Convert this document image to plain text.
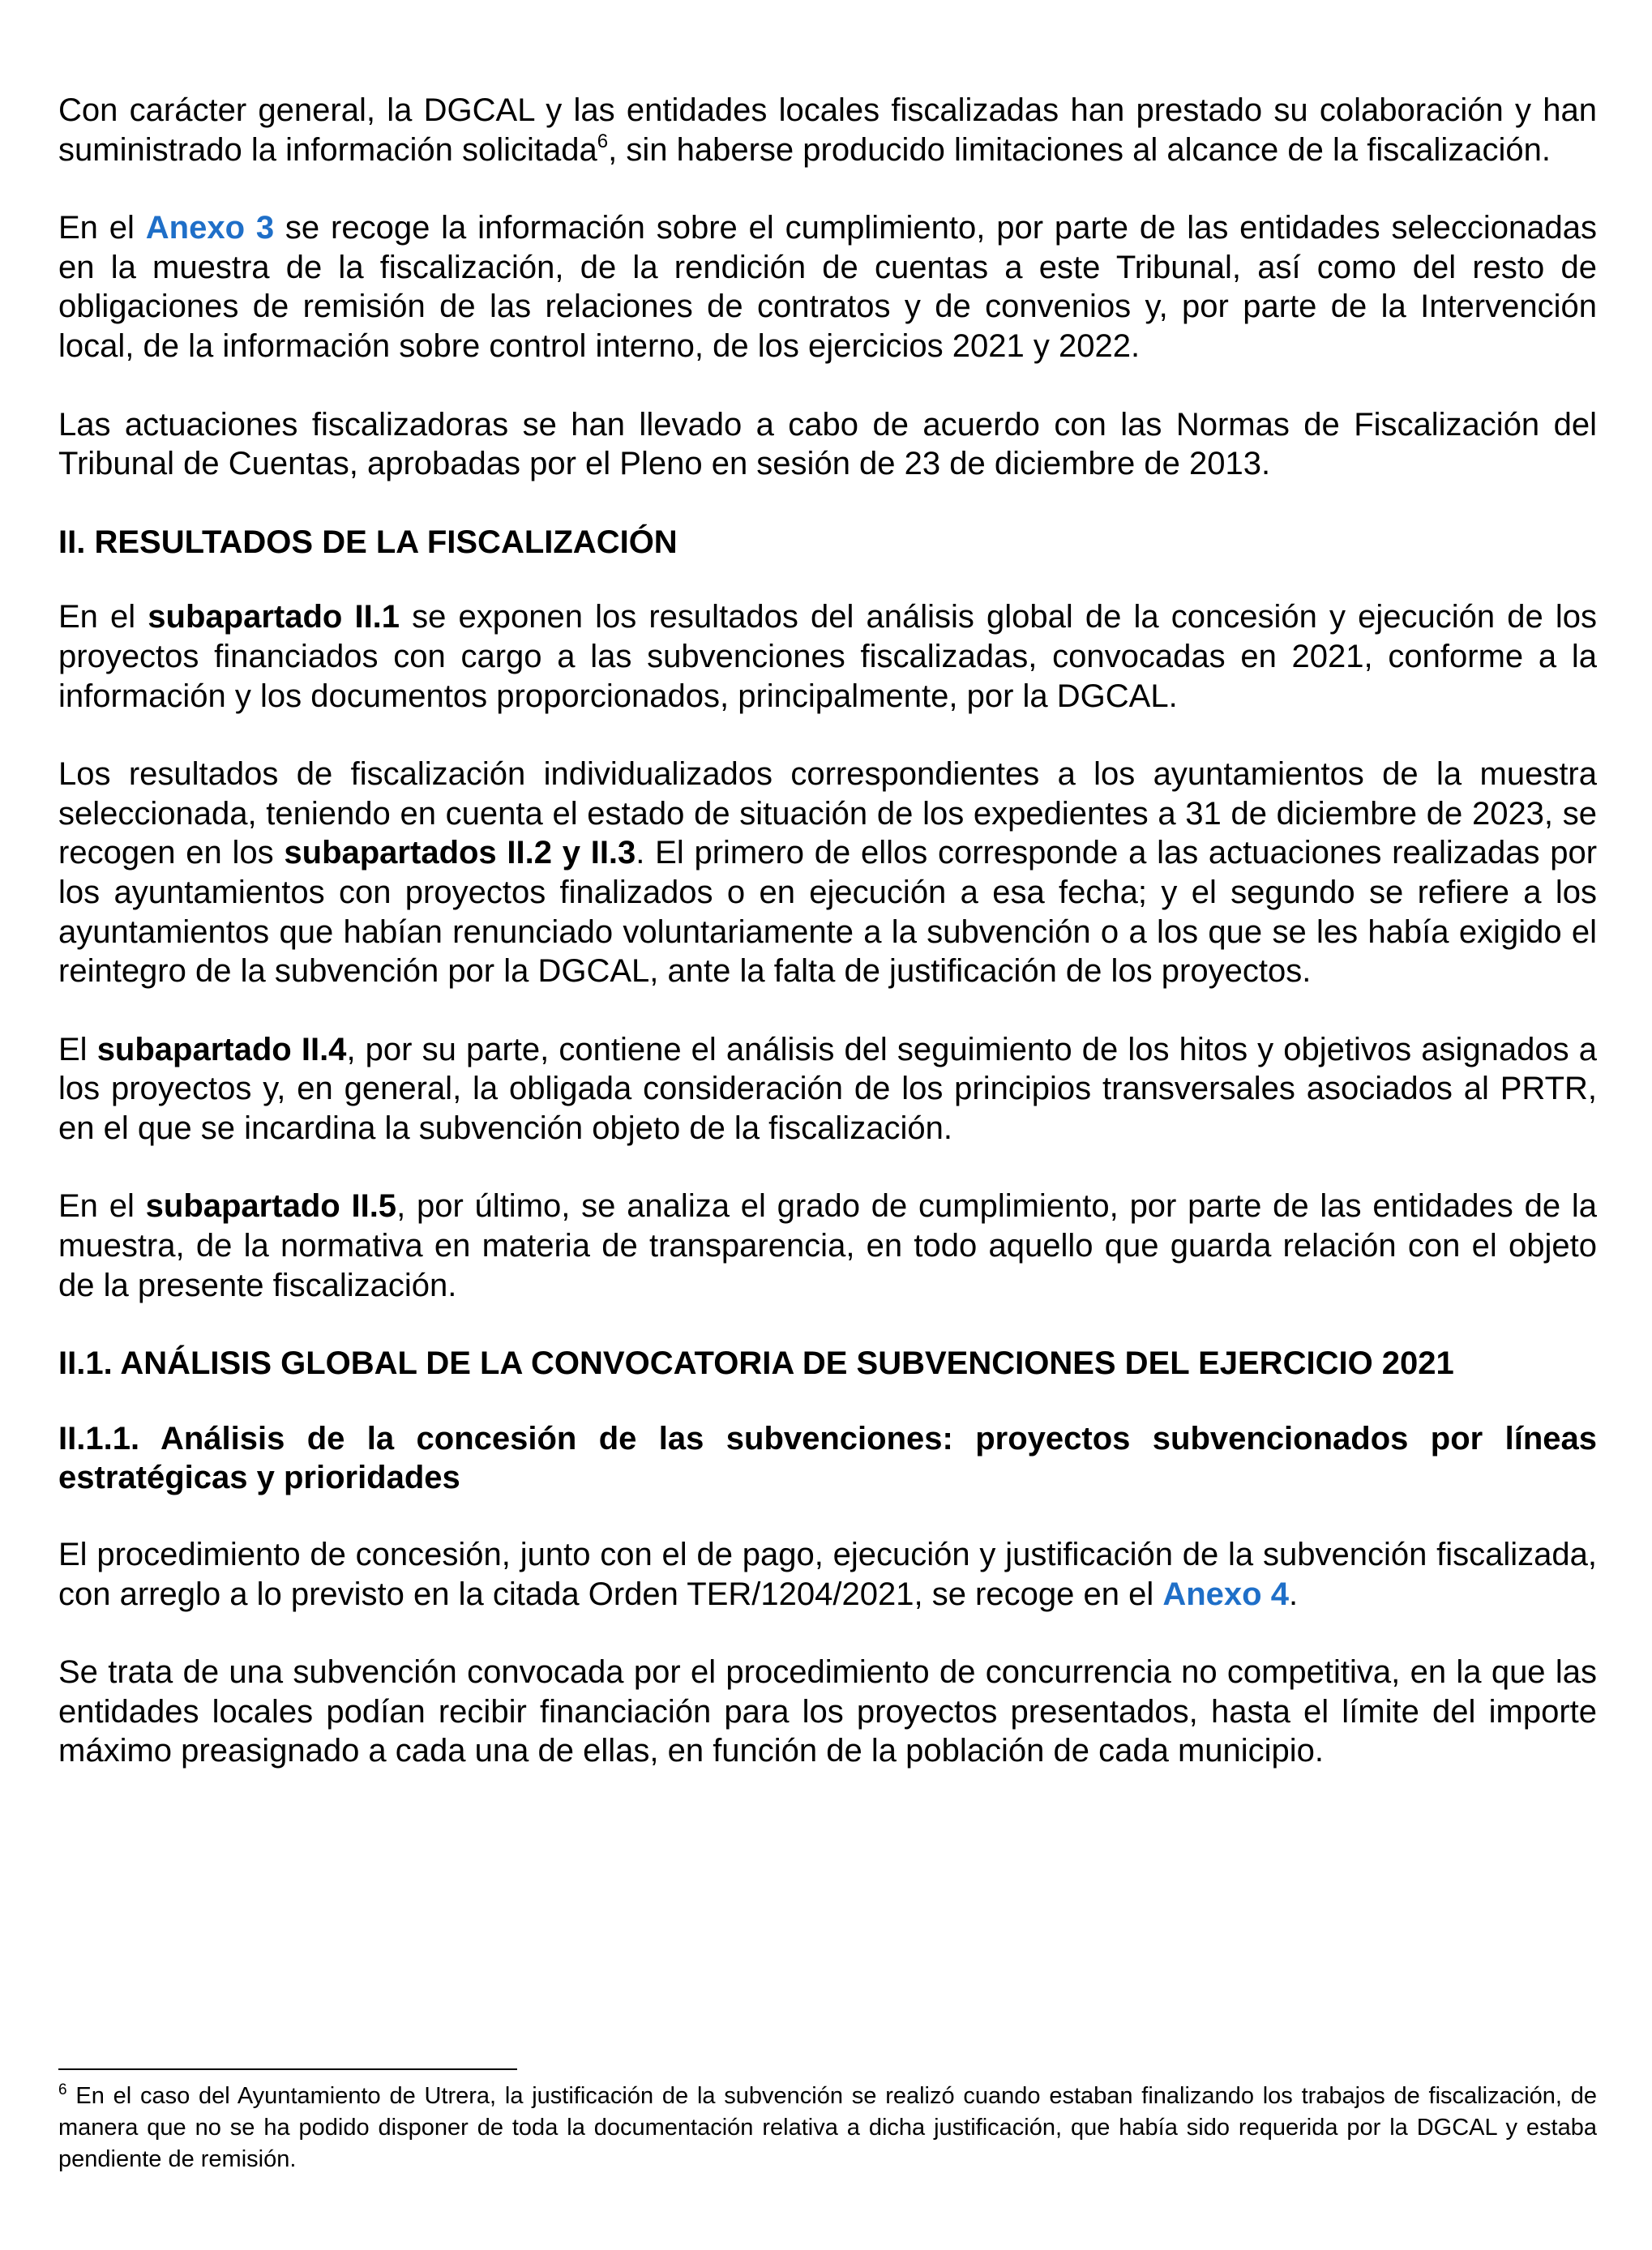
Con carácter general, la DGCAL y las entidades locales fiscalizadas han prestado su colaboración y han suministrado la información solicitada$^6$, sin haberse producido limitaciones al alcance de la fiscalización.

En el Anexo 3 se recoge la información sobre el cumplimiento, por parte de las entidades seleccionadas en la muestra de la fiscalización, de la rendición de cuentas a este Tribunal, así como del resto de obligaciones de remisión de las relaciones de contratos y de convenios y, por parte de la Intervención local, de la información sobre control interno, de los ejercicios 2021 y 2022.

Las actuaciones fiscalizadoras se han llevado a cabo de acuerdo con las Normas de Fiscalización del Tribunal de Cuentas, aprobadas por el Pleno en sesión de 23 de diciembre de 2013.

II. RESULTADOS DE LA FISCALIZACIÓN

En el subapartado II.1 se exponen los resultados del análisis global de la concesión y ejecución de los proyectos financiados con cargo a las subvenciones fiscalizadas, convocadas en 2021, conforme a la información y los documentos proporcionados, principalmente, por la DGCAL.

Los resultados de fiscalización individualizados correspondientes a los ayuntamientos de la muestra seleccionada, teniendo en cuenta el estado de situación de los expedientes a 31 de diciembre de 2023, se recogen en los subapartados II.2 y II.3. El primero de ellos corresponde a las actuaciones realizadas por los ayuntamientos con proyectos finalizados o en ejecución a esa fecha; y el segundo se refiere a los ayuntamientos que habían renunciado voluntariamente a la subvención o a los que se les había exigido el reintegro de la subvención por la DGCAL, ante la falta de justificación de los proyectos.

El subapartado II.4, por su parte, contiene el análisis del seguimiento de los hitos y objetivos asignados a los proyectos y, en general, la obligada consideración de los principios transversales asociados al PRTR, en el que se incardina la subvención objeto de la fiscalización.

En el subapartado II.5, por último, se analiza el grado de cumplimiento, por parte de las entidades de la muestra, de la normativa en materia de transparencia, en todo aquello que guarda relación con el objeto de la presente fiscalización.

II.1. ANÁLISIS GLOBAL DE LA CONVOCATORIA DE SUBVENCIONES DEL EJERCICIO 2021
II.1.1. Análisis de la concesión de las subvenciones: proyectos subvencionados por líneas estratégicas y prioridades

El procedimiento de concesión, junto con el de pago, ejecución y justificación de la subvención fiscalizada, con arreglo a lo previsto en la citada Orden TER/1204/2021, se recoge en el Anexo 4.

Se trata de una subvención convocada por el procedimiento de concurrencia no competitiva, en la que las entidades locales podían recibir financiación para los proyectos presentados, hasta el límite del importe máximo preasignado a cada una de ellas, en función de la población de cada municipio.

$^6$ En el caso del Ayuntamiento de Utrera, la justificación de la subvención se realizó cuando estaban finalizando los trabajos de fiscalización, de manera que no se ha podido disponer de toda la documentación relativa a dicha justificación, que había sido requerida por la DGCAL y estaba pendiente de remisión.
